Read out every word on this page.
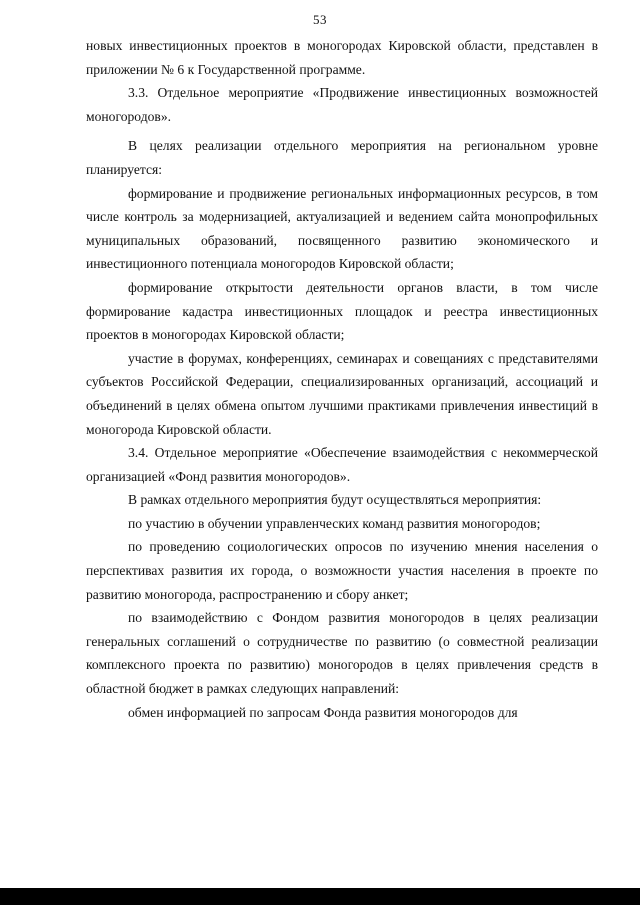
53

новых инвестиционных проектов в моногородах Кировской области, представлен в приложении № 6 к Государственной программе.

3.3. Отдельное мероприятие «Продвижение инвестиционных возможностей моногородов».

В целях реализации отдельного мероприятия на региональном уровне планируется:

формирование и продвижение региональных информационных ресурсов, в том числе контроль за модернизацией, актуализацией и ведением сайта монопрофильных муниципальных образований, посвященного развитию экономического и инвестиционного потенциала моногородов Кировской области;

формирование открытости деятельности органов власти, в том числе формирование кадастра инвестиционных площадок и реестра инвестиционных проектов в моногородах Кировской области;

участие в форумах, конференциях, семинарах и совещаниях с представителями субъектов Российской Федерации, специализированных организаций, ассоциаций и объединений в целях обмена опытом лучшими практиками привлечения инвестиций в моногорода Кировской области.

3.4. Отдельное мероприятие «Обеспечение взаимодействия с некоммерческой организацией «Фонд развития моногородов».

В рамках отдельного мероприятия будут осуществляться мероприятия:

по участию в обучении управленческих команд развития моногородов;

по проведению социологических опросов по изучению мнения населения о перспективах развития их города, о возможности участия населения в проекте по развитию моногорода, распространению и сбору анкет;

по взаимодействию с Фондом развития моногородов в целях реализации генеральных соглашений о сотрудничестве по развитию (о совместной реализации комплексного проекта по развитию) моногородов в целях привлечения средств в областной бюджет в рамках следующих направлений:

обмен информацией по запросам Фонда развития моногородов для
